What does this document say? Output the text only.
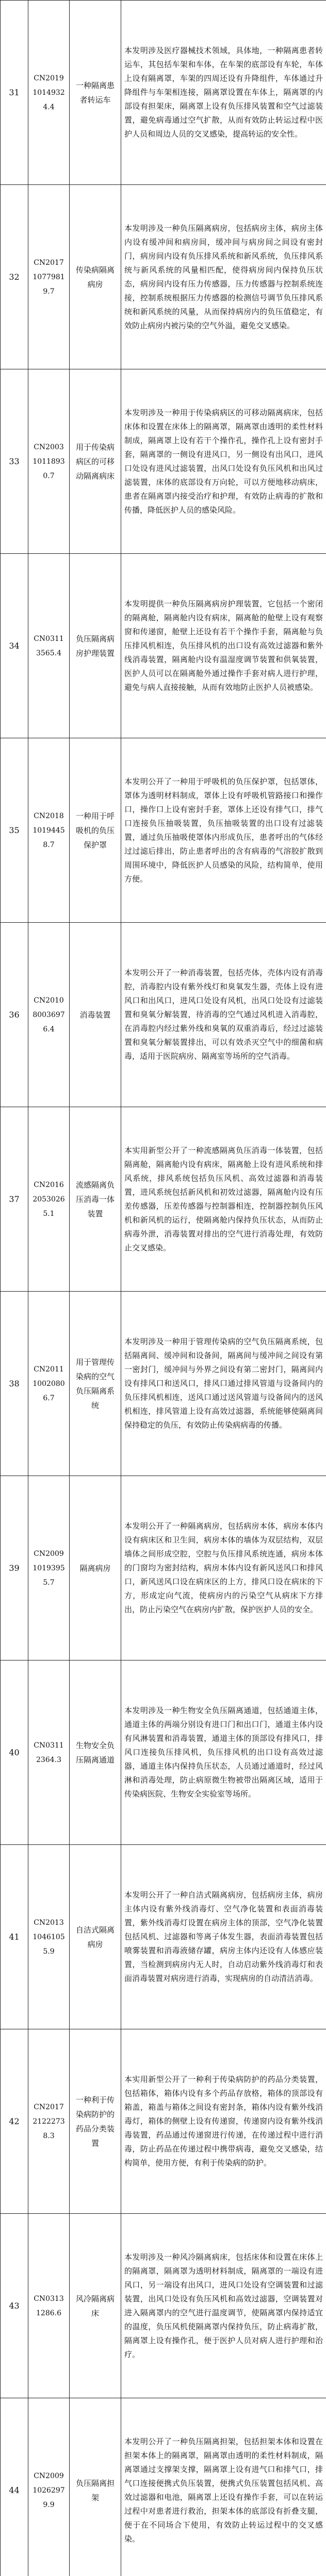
31	CN201910149324.4	一种隔离患者转运车	本发明涉及医疗器械技术领域，具体地，一种隔离患者转运车，其包括车架和车体，在车架的底部设有车轮，车体上设有隔离罩，车架的四周还设有升降组件，车体通过升降组件与车架相连接，隔离罩设置在车体上，隔离罩的内部设有担架床，隔离罩上设有负压排风装置和空气过滤装置，避免病毒通过空气扩散，从而有效防止转运过程中医护人员和周边人员的交叉感染，提高转运的安全性。
32	CN201710779819.7	传染病隔离病房	本发明涉及一种负压隔离病房，包括病房主体，病房主体内设有缓冲间和病房间，缓冲间与病房间之间设有密封门，病房间内设有负压排风系统和新风系统，负压排风系统与新风系统的风量相匹配，使得病房间内保持负压状态，病房间内设有压力传感器，压力传感器与控制系统连接，控制系统根据压力传感器的检测信号调节负压排风系统和新风系统的风量，从而保持病房内的负压值稳定，有效防止病房内被污染的空气外溢，避免交叉感染。
33	CN200310118930.7	用于传染病病区的可移动隔离病床	本发明涉及一种用于传染病病区的可移动隔离病床，包括床体和设置在床体上的隔离罩，隔离罩由透明的柔性材料制成，隔离罩上设有若干个操作孔，操作孔上设有密封手套，隔离罩的一侧设有进风口，另一侧设有出风口，进风口处设有进风过滤装置，出风口处设有负压风机和出风过滤装置，床体的底部设有万向轮，可以方便地移动病床，患者在隔离罩内接受治疗和护理，有效防止病毒的扩散和传播，降低医护人员的感染风险。
34	CN03113565.4	负压隔离病房护理装置	本发明提供一种负压隔离病房护理装置，它包括一个密闭的隔离舱，隔离舱内设有病床，隔离舱的舱壁上设有观察窗和传递窗，舱壁上还设有若干个操作手套，隔离舱与负压排风机相连，负压排风机的出口设有高效过滤器和紫外线消毒装置，隔离舱内设有温湿度调节装置和供氧装置，医护人员可以在隔离舱外通过操作手套对病人进行护理，避免与病人直接接触，从而有效地防止医护人员被感染。
35	CN201810194458.7	一种用于呼吸机的负压保护罩	本发明公开了一种用于呼吸机的负压保护罩，包括罩体，罩体为透明材料制成，罩体上设有呼吸机管路接口和操作口，操作口上设有密封手套，罩体上还设有排气口，排气口连接负压抽吸装置，负压抽吸装置的出口设有过滤装置，通过负压抽吸使罩体内形成负压，患者呼出的气体经过过滤后排出，防止患者呼出的含有病毒的气溶胶扩散到周围环境中，降低医护人员感染的风险，结构简单，使用方便。
36	CN201080036976.4	消毒装置	本发明公开了一种消毒装置，包括壳体，壳体内设有消毒腔，消毒腔内设有紫外线灯和臭氧发生器，壳体上设有进风口和出风口，进风口处设有风机，出风口处设有过滤装置和臭氧分解装置，待消毒的空气通过风机进入消毒腔，在消毒腔内经过紫外线和臭氧的双重消毒后，经过过滤装置和臭氧分解装置排出，可以有效杀灭空气中的细菌和病毒，适用于医院病房、隔离室等场所的空气消毒。
37	CN201620530265.1	流感隔离负压消毒一体装置	本实用新型公开了一种流感隔离负压消毒一体装置，包括隔离舱，隔离舱内设有病床，隔离舱上设有进风系统和排风系统，排风系统包括负压风机、高效过滤器和消毒装置，进风系统包括新风机和初效过滤器，隔离舱内设有压差传感器，压差传感器与控制器相连，控制器控制负压风机和新风机的运行，使隔离舱内保持负压状态，从而防止病毒外泄，消毒装置对排出的空气进行消毒处理，有效防止交叉感染。
38	CN201110020806.7	用于管理传染病的空气负压隔离系统	本发明涉及一种用于管理传染病的空气负压隔离系统，包括隔离间、缓冲间和设备间，隔离间与缓冲间之间设有第一密封门，缓冲间与外界之间设有第二密封门，隔离间内设有排风口和送风口，排风口通过排风管道与设备间内的负压排风机相连，送风口通过送风管道与设备间内的送风机相连，排风管道上设有高效过滤器，系统能够使隔离间保持稳定的负压，有效防止传染病病毒的传播。
39	CN200910193955.7	隔离病房	本发明公开了一种隔离病房，包括病房本体，病房本体内设有病床区和卫生间，病房本体的墙体为双层结构，双层墙体之间形成空腔，空腔与负压排风系统连通，病房本体的门窗均为密封结构，病房本体内设有新风送风口和排风口，新风送风口设在病床区的上方，排风口设在病床的下方，形成定向气流，使病房内的污染空气从病床下方排出，防止污染空气在病房内扩散，保护医护人员的安全。
40	CN03112364.3	生物安全负压隔离通道	本发明涉及一种生物安全负压隔离通道，包括通道主体，通道主体的两端分别设有进口门和出口门，通道主体内设有风淋装置和消毒装置，通道主体的顶部设有排风口，排风口连接负压排风机，负压排风机的出口设有高效过滤器，通道主体内保持负压状态，人员通过通道时，经过风淋和消毒处理，防止病原微生物被带出隔离区域，适用于传染病医院、生物安全实验室等场所。
41	CN201310461055.9	自洁式隔离病房	本发明公开了一种自洁式隔离病房，包括病房主体，病房主体内设有紫外线消毒灯、空气净化装置和表面消毒装置，紫外线消毒灯设置在病房主体的顶部，空气净化装置包括风机、过滤器和等离子体发生器，表面消毒装置包括喷雾装置和消毒液储存罐，病房主体内还设有人体感应装置，当检测到病房内无人时，自动启动紫外线消毒灯和表面消毒装置对病房进行消毒，实现病房的自动清洁消毒。
42	CN201721222738.3	一种利于传染病防护的药品分类装置	本实用新型公开了一种利于传染病防护的药品分类装置，包括箱体，箱体内设有多个药品存放格，箱体的顶部设有箱盖，箱盖与箱体之间设有密封条，箱体内设有紫外线消毒灯，箱体的侧壁上设有传递窗，传递窗内设有紫外线消毒装置，药品通过传递窗进行传递，在传递过程中进行消毒，防止药品在传递过程中携带病毒，避免交叉感染，结构简单，使用方便，有利于传染病的防护。
43	CN03131286.6	风冷隔离病床	本发明涉及一种风冷隔离病床，包括床体和设置在床体上的隔离罩，隔离罩为透明材料制成，隔离罩的一端设有进风口，另一端设有出风口，进风口处设有空调装置和过滤装置，出风口处设有负压风机和高效过滤器，空调装置对进入隔离罩内的空气进行温度调节，使隔离罩内保持适宜的温度，负压风机使隔离罩内保持负压，防止病毒扩散，隔离罩上设有操作孔，便于医护人员对病人进行护理和治疗。
44	CN200910262979.9	负压隔离担架	本发明公开了一种负压隔离担架，包括担架本体和设置在担架本体上的隔离罩，隔离罩由透明的柔性材料制成，隔离罩通过支撑架支撑，隔离罩上设有进气口和排气口，排气口连接便携式负压装置，便携式负压装置包括风机、高效过滤器和电池，隔离罩上还设有操作手套，可以在转运过程中对患者进行救治，担架本体的底部设有折叠支腿，便于在不同场合下使用，有效防止转运过程中的交叉感染。
